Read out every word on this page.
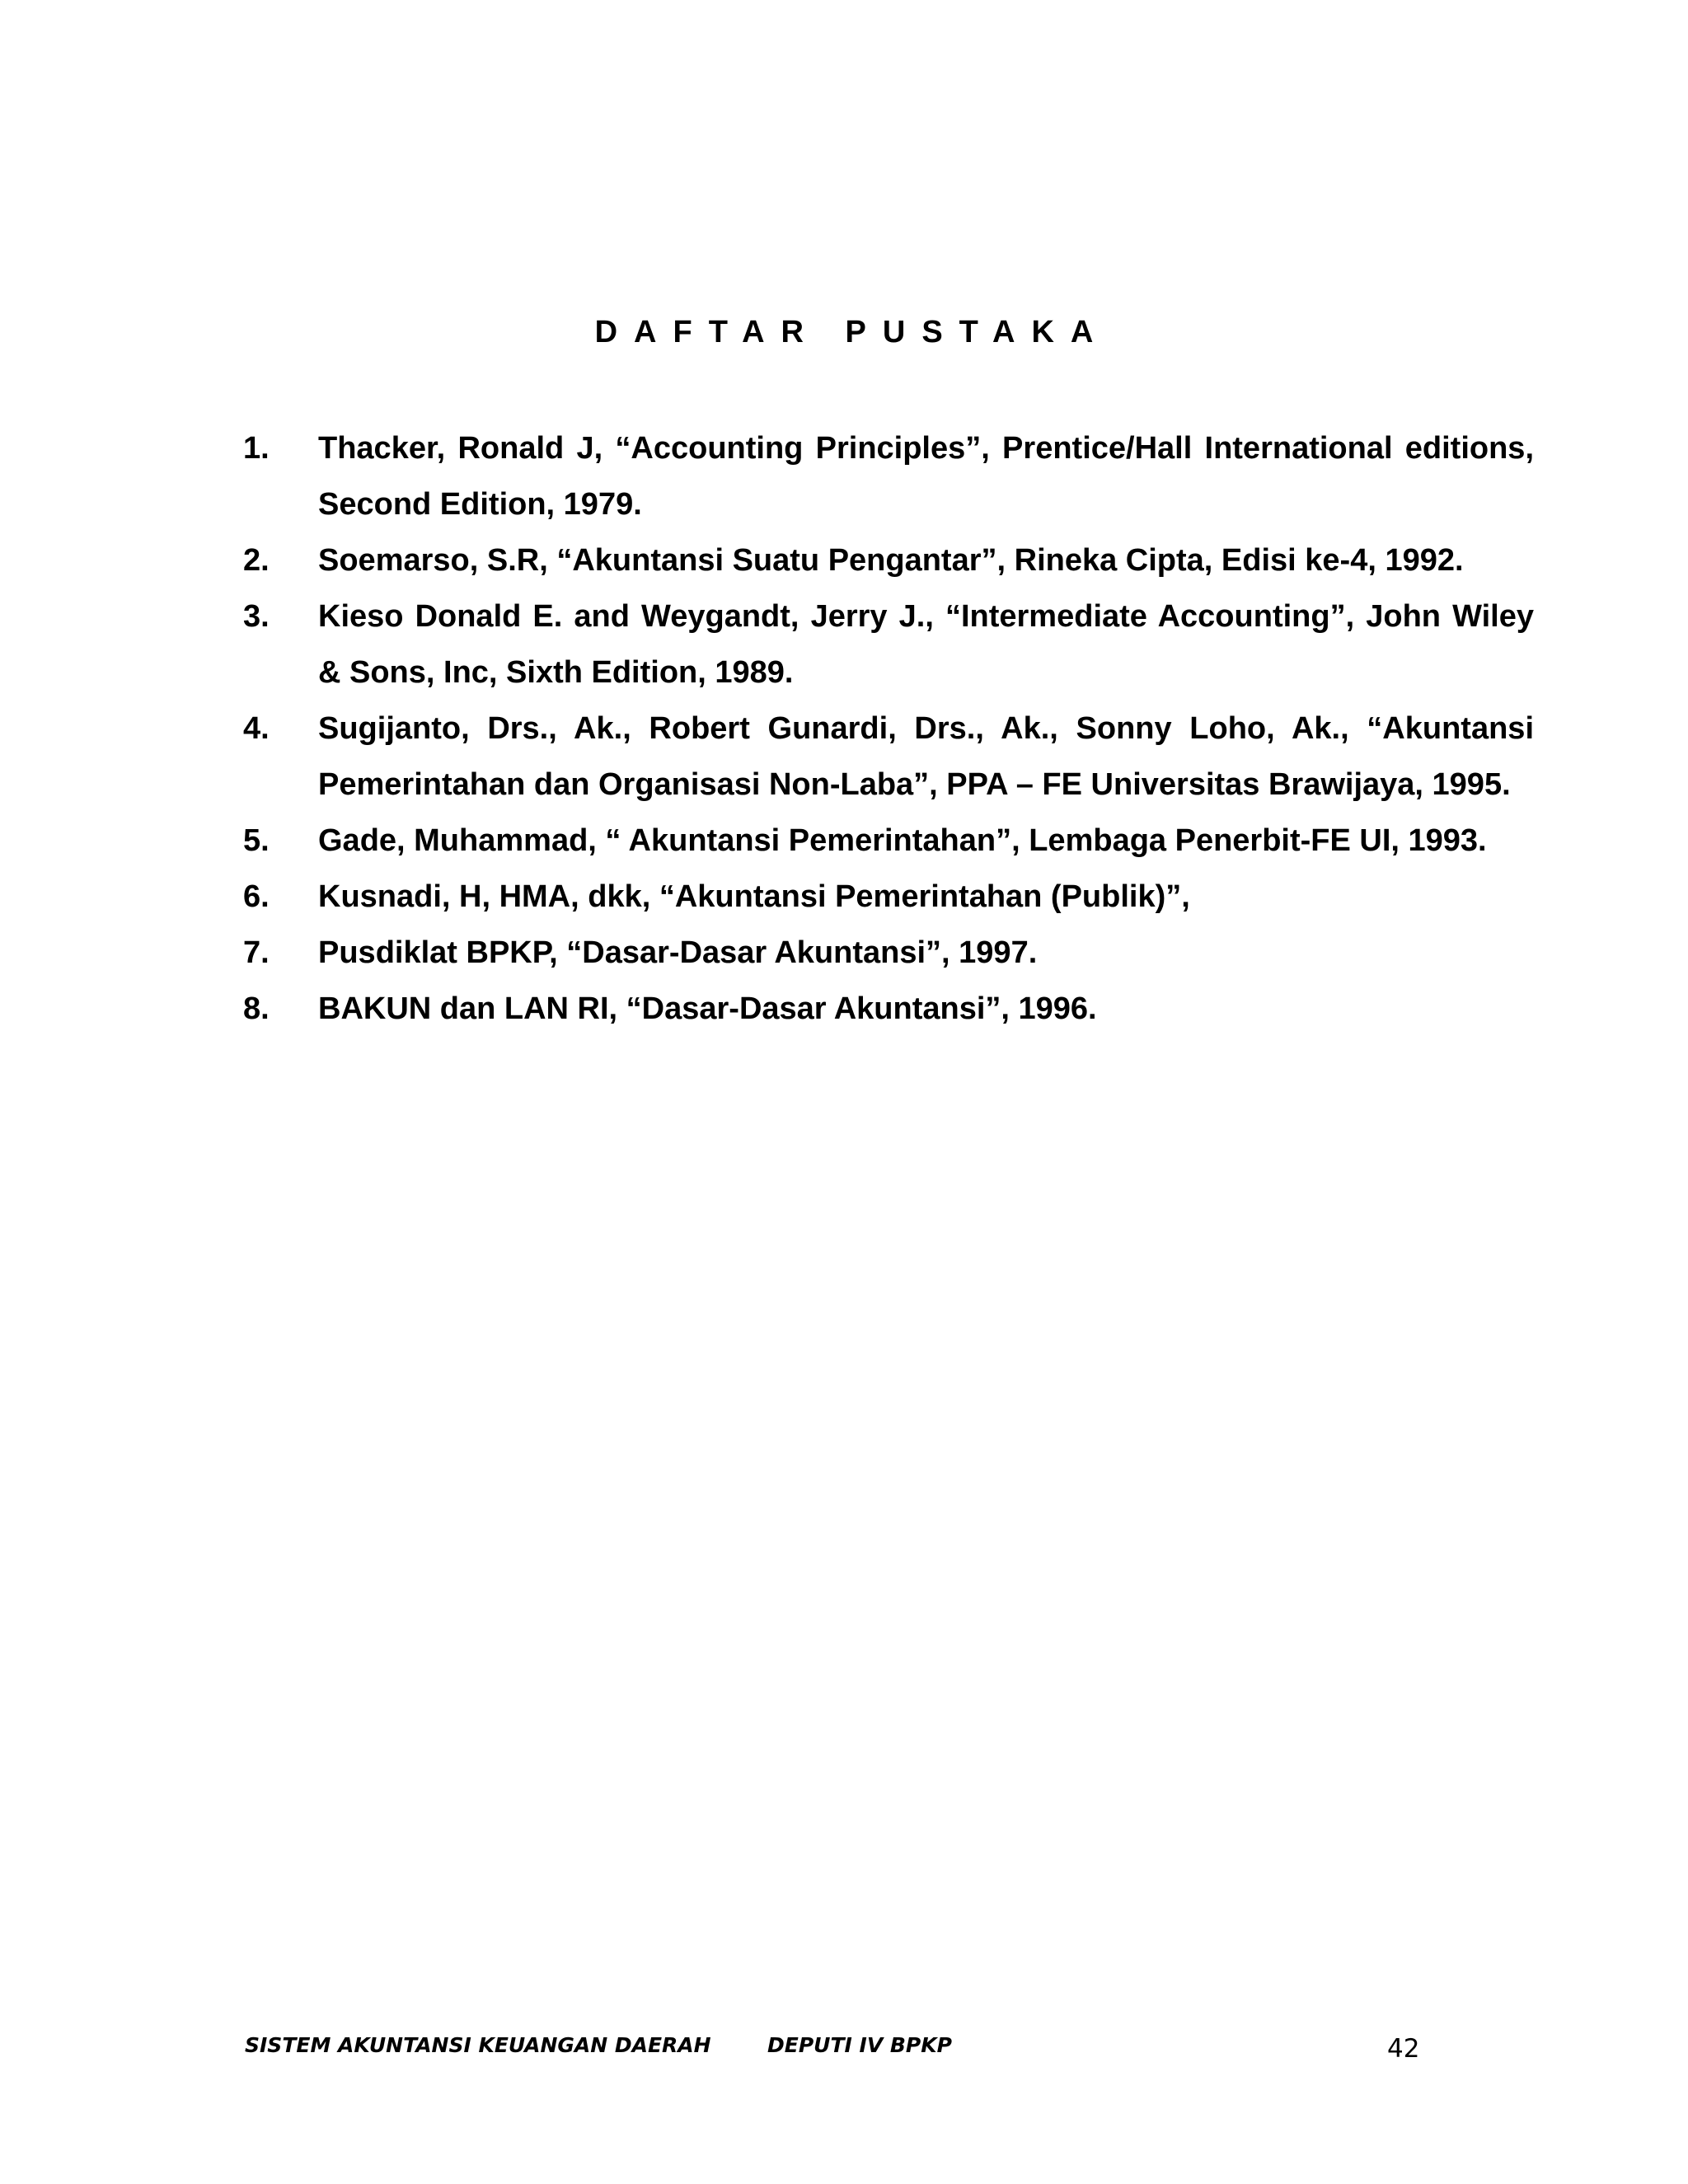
DAFTAR PUSTAKA
1.	Thacker, Ronald J, “Accounting Principles”, Prentice/Hall International editions, Second Edition, 1979.
2.	Soemarso, S.R, “Akuntansi Suatu Pengantar”, Rineka Cipta, Edisi ke-4, 1992.
3.	Kieso Donald E. and Weygandt, Jerry J., “Intermediate Accounting”, John Wiley & Sons, Inc, Sixth Edition, 1989.
4.	Sugijanto, Drs., Ak., Robert Gunardi, Drs., Ak., Sonny Loho, Ak., “Akuntansi Pemerintahan dan Organisasi Non-Laba”, PPA – FE Universitas Brawijaya, 1995.
5.	Gade, Muhammad, “ Akuntansi Pemerintahan”, Lembaga Penerbit-FE UI, 1993.
6.	Kusnadi, H, HMA, dkk, “Akuntansi Pemerintahan (Publik)”,
7.	Pusdiklat BPKP, “Dasar-Dasar Akuntansi”, 1997.
8.	BAKUN dan LAN RI, “Dasar-Dasar Akuntansi”, 1996.
SISTEM AKUNTANSI KEUANGAN DAERAH	DEPUTI IV BPKP	42
